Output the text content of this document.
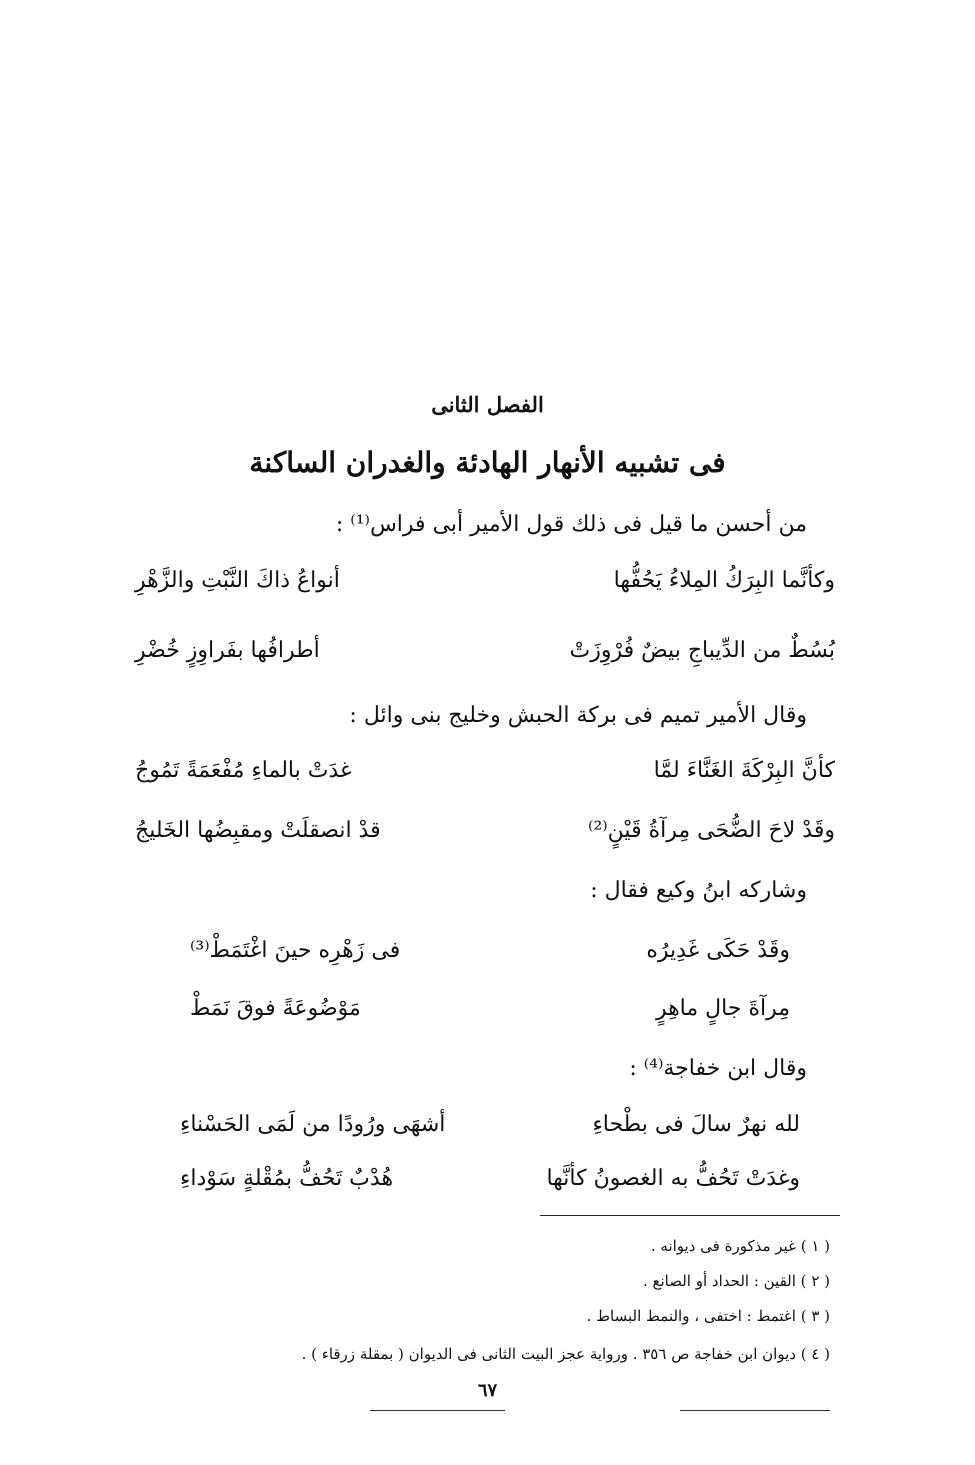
الفصل الثانى
فى تشبيه الأنهار الهادئة والغدران الساكنة
من أحسن ما قيل فى ذلك قول الأمير أبى فراس⁽¹⁾ :
وكأنَّما البِرَكُ المِلاءُ يَحُفُّها
أنواعُ ذاكَ النَّبْتِ والزَّهْرِ
بُسُطٌ من الدِّيباجِ بيضٌ فُرْوِزَتْ
أطرافُها بفَراوِزٍ خُضْرِ
وقال الأمير تميم فى بركة الحبش وخليج بنى وائل :
كأنَّ البِرْكَةَ الغَنَّاءَ لمَّا
غدَتْ بالماءِ مُفْعَمَةً تَمُوجُ
وقَدْ لاحَ الضُّحَى مِرآةُ قَيْنٍ⁽²⁾
قدْ انصقلَتْ ومقبِضُها الخَليجُ
وشاركه ابنُ وكيع فقال :
وقَدْ حَكَى غَدِيرُه
فى زَهْرِه حينَ اغْتَمَطْ⁽³⁾
مِرآةَ جالٍ ماهِرٍ
مَوْضُوعَةً فوقَ نَمَطْ
وقال ابن خفاجة⁽⁴⁾ :
لله نهرٌ سالَ فى بطْحاءِ
أشهَى ورُودًا من لَمَى الحَسْناءِ
وغدَتْ تَحُفُّ به الغصونُ كأنَّها
هُدْبٌ تَحُفُّ بمُقْلةٍ سَوْداءِ
( ١ ) غير مذكورة فى ديوانه .
( ٢ ) القين : الحداد أو الصانع .
( ٣ ) اغتمط : اختفى ، والنمط البساط .
( ٤ ) ديوان ابن خفاجة ص ٣٥٦ . ورواية عجز البيت الثانى فى الديوان ( بمقلة زرقاء ) .
٦٧
